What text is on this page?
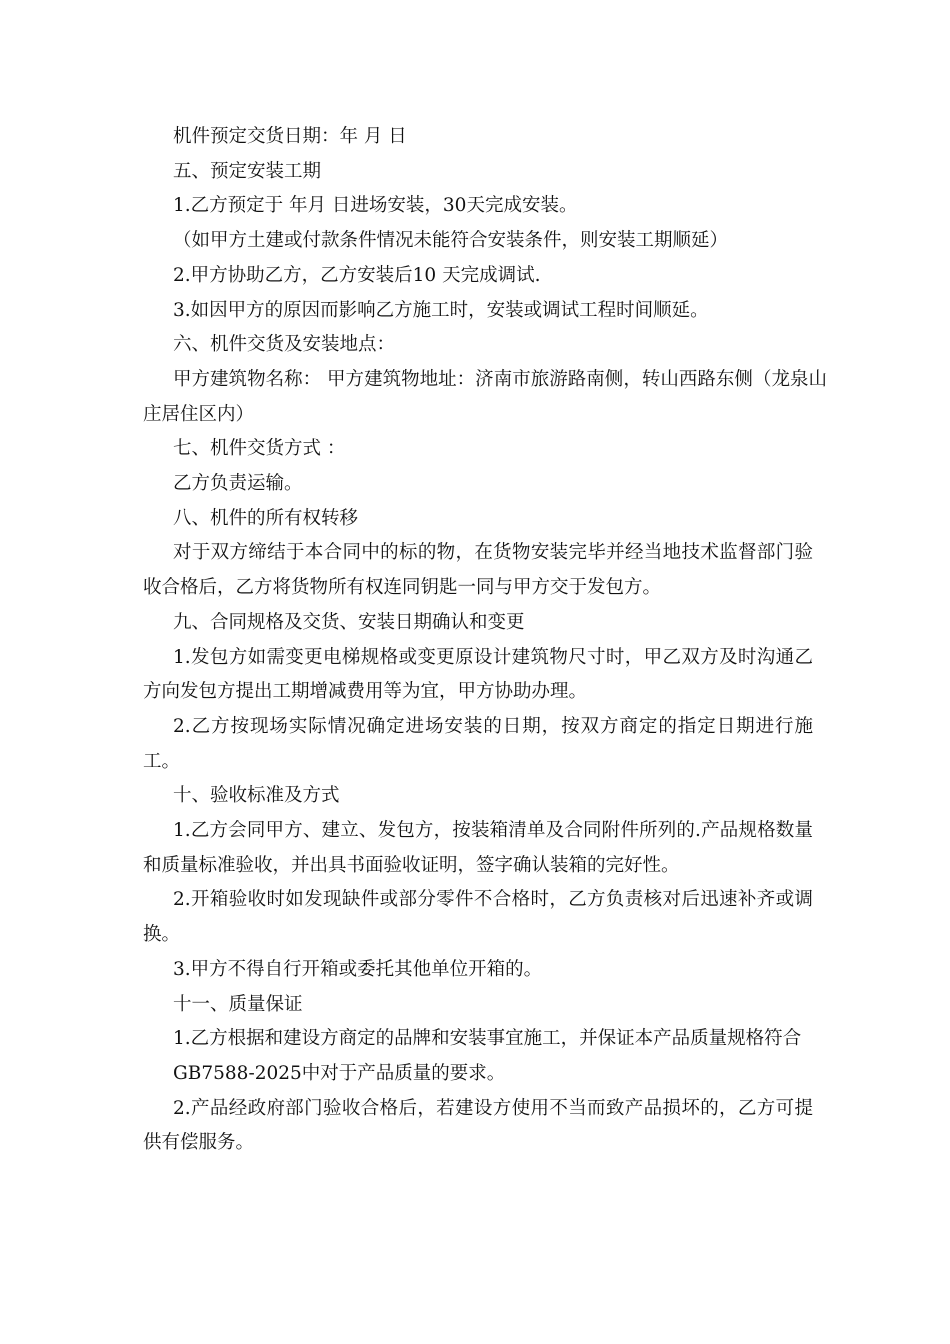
机件预定交货日期：年 月 日

五、预定安装工期

1.乙方预定于 年月 日进场安装，30天完成安装。

（如甲方土建或付款条件情况未能符合安装条件，则安装工期顺延）

2.甲方协助乙方，乙方安装后10 天完成调试.

3.如因甲方的原因而影响乙方施工时，安装或调试工程时间顺延。

六、机件交货及安装地点：

甲方建筑物名称： 甲方建筑物地址：济南市旅游路南侧，转山西路东侧（龙泉山庄居住区内）

七、机件交货方式 ：

乙方负责运输。

八、机件的所有权转移

对于双方缔结于本合同中的标的物，在货物安装完毕并经当地技术监督部门验收合格后，乙方将货物所有权连同钥匙一同与甲方交于发包方。

九、合同规格及交货、安装日期确认和变更

1.发包方如需变更电梯规格或变更原设计建筑物尺寸时，甲乙双方及时沟通乙方向发包方提出工期增减费用等为宜，甲方协助办理。

2.乙方按现场实际情况确定进场安装的日期，按双方商定的指定日期进行施工。

十、验收标准及方式

1.乙方会同甲方、建立、发包方，按装箱清单及合同附件所列的.产品规格数量和质量标准验收，并出具书面验收证明，签字确认装箱的完好性。

2.开箱验收时如发现缺件或部分零件不合格时，乙方负责核对后迅速补齐或调换。

3.甲方不得自行开箱或委托其他单位开箱的。

十一、质量保证

1.乙方根据和建设方商定的品牌和安装事宜施工，并保证本产品质量规格符合

GB7588-2025中对于产品质量的要求。

2.产品经政府部门验收合格后，若建设方使用不当而致产品损坏的，乙方可提供有偿服务。
